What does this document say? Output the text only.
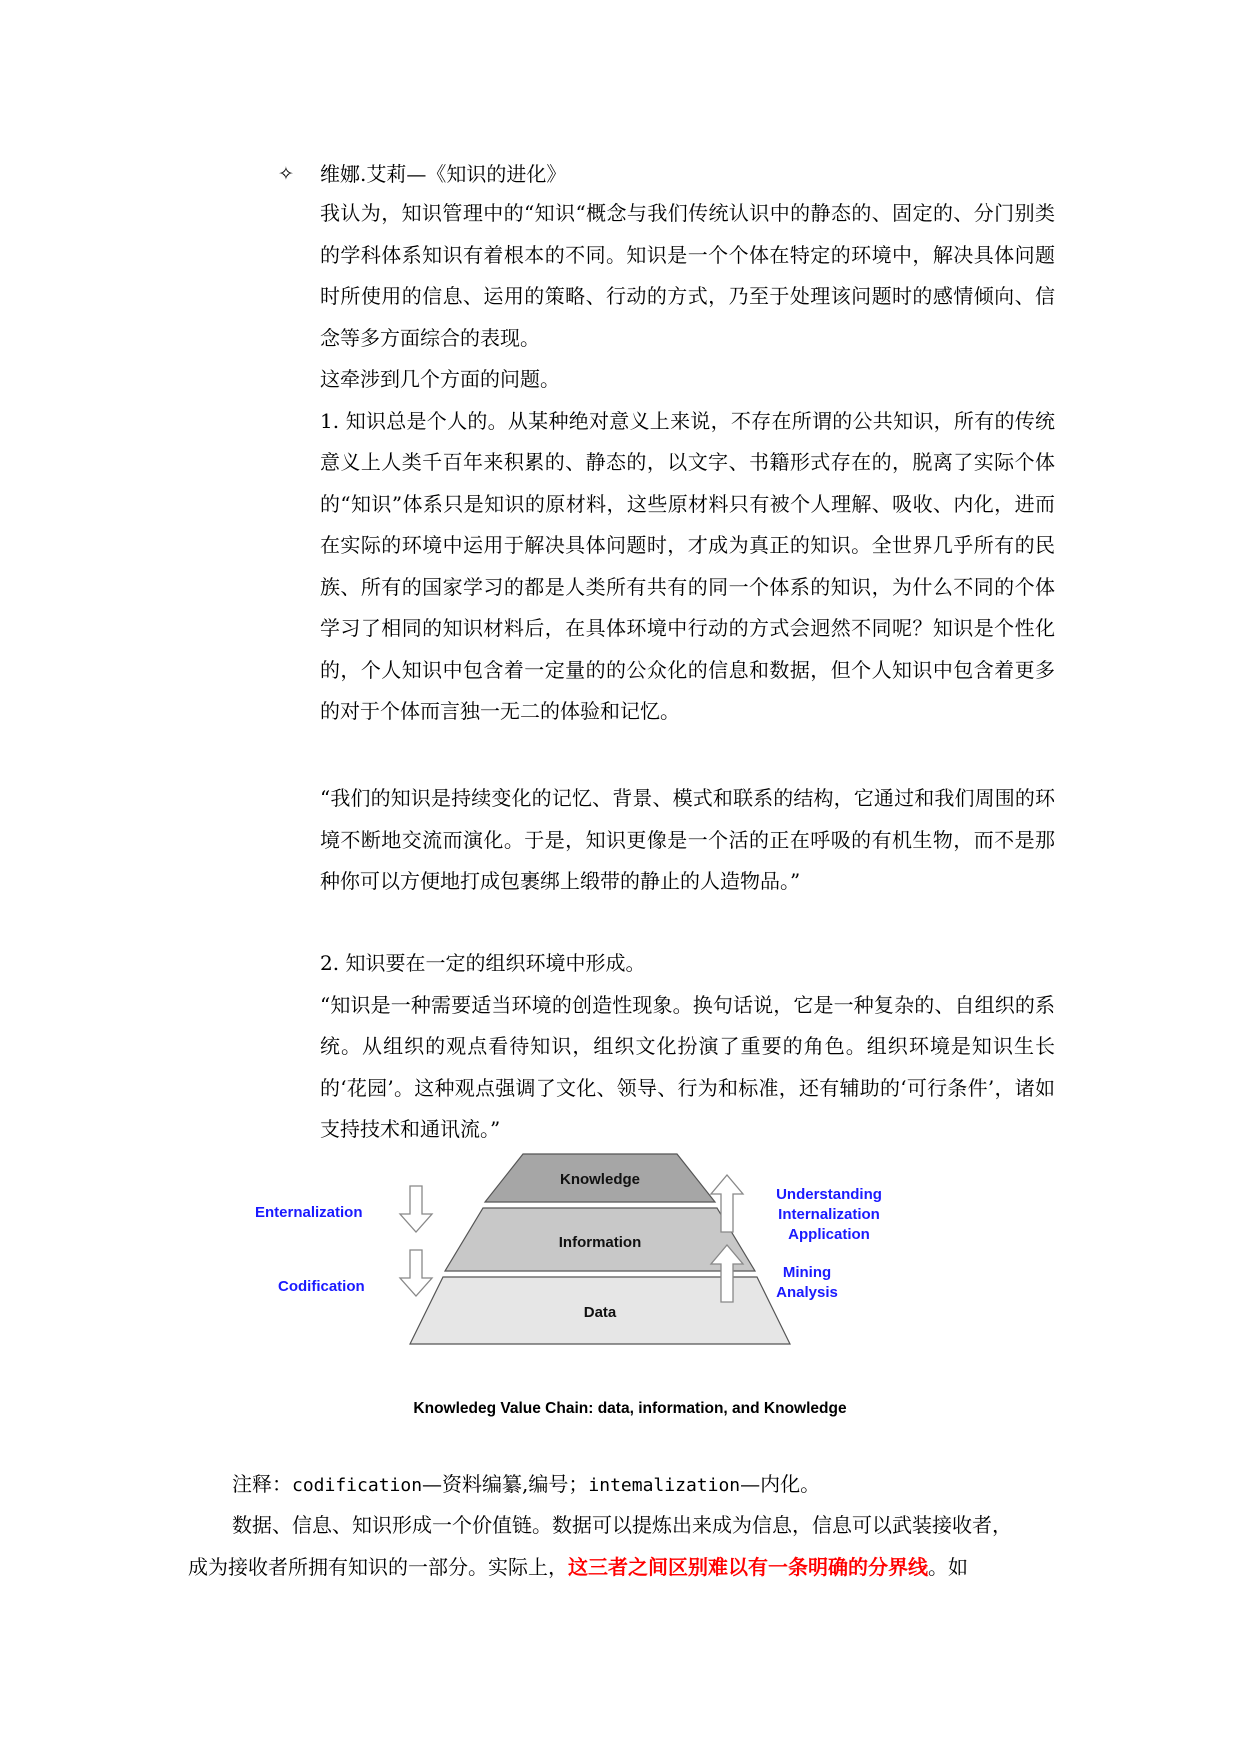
✧ 维娜.艾莉—《知识的进化》

我认为，知识管理中的“知识“概念与我们传统认识中的静态的、固定的、分门别类的学科体系知识有着根本的不同。知识是一个个体在特定的环境中，解决具体问题时所使用的信息、运用的策略、行动的方式，乃至于处理该问题时的感情倾向、信念等多方面综合的表现。

这牵涉到几个方面的问题。

1. 知识总是个人的。从某种绝对意义上来说，不存在所谓的公共知识，所有的传统意义上人类千百年来积累的、静态的，以文字、书籍形式存在的，脱离了实际个体的“知识”体系只是知识的原材料，这些原材料只有被个人理解、吸收、内化，进而在实际的环境中运用于解决具体问题时，才成为真正的知识。全世界几乎所有的民族、所有的国家学习的都是人类所有共有的同一个体系的知识，为什么不同的个体学习了相同的知识材料后，在具体环境中行动的方式会迥然不同呢？知识是个性化的，个人知识中包含着一定量的的公众化的信息和数据，但个人知识中包含着更多的对于个体而言独一无二的体验和记忆。

“我们的知识是持续变化的记忆、背景、模式和联系的结构，它通过和我们周围的环境不断地交流而演化。于是，知识更像是一个活的正在呼吸的有机生物，而不是那种你可以方便地打成包裹绑上缎带的静止的人造物品。”

2. 知识要在一定的组织环境中形成。

“知识是一种需要适当环境的创造性现象。换句话说，它是一种复杂的、自组织的系统。从组织的观点看待知识，组织文化扮演了重要的角色。组织环境是知识生长的‘花园’。这种观点强调了文化、领导、行为和标准，还有辅助的‘可行条件’，诸如支持技术和通讯流。”

Knowledge
Information
Data
Enternalization
Codification
Understanding
Internalization
Application
Mining
Analysis
Knowledeg Value Chain: data, information, and Knowledge
注释：codification—资料编纂,编号；intemalization—内化。

数据、信息、知识形成一个价值链。数据可以提炼出来成为信息，信息可以武装接收者，

成为接收者所拥有知识的一部分。实际上，这三者之间区别难以有一条明确的分界线。如
